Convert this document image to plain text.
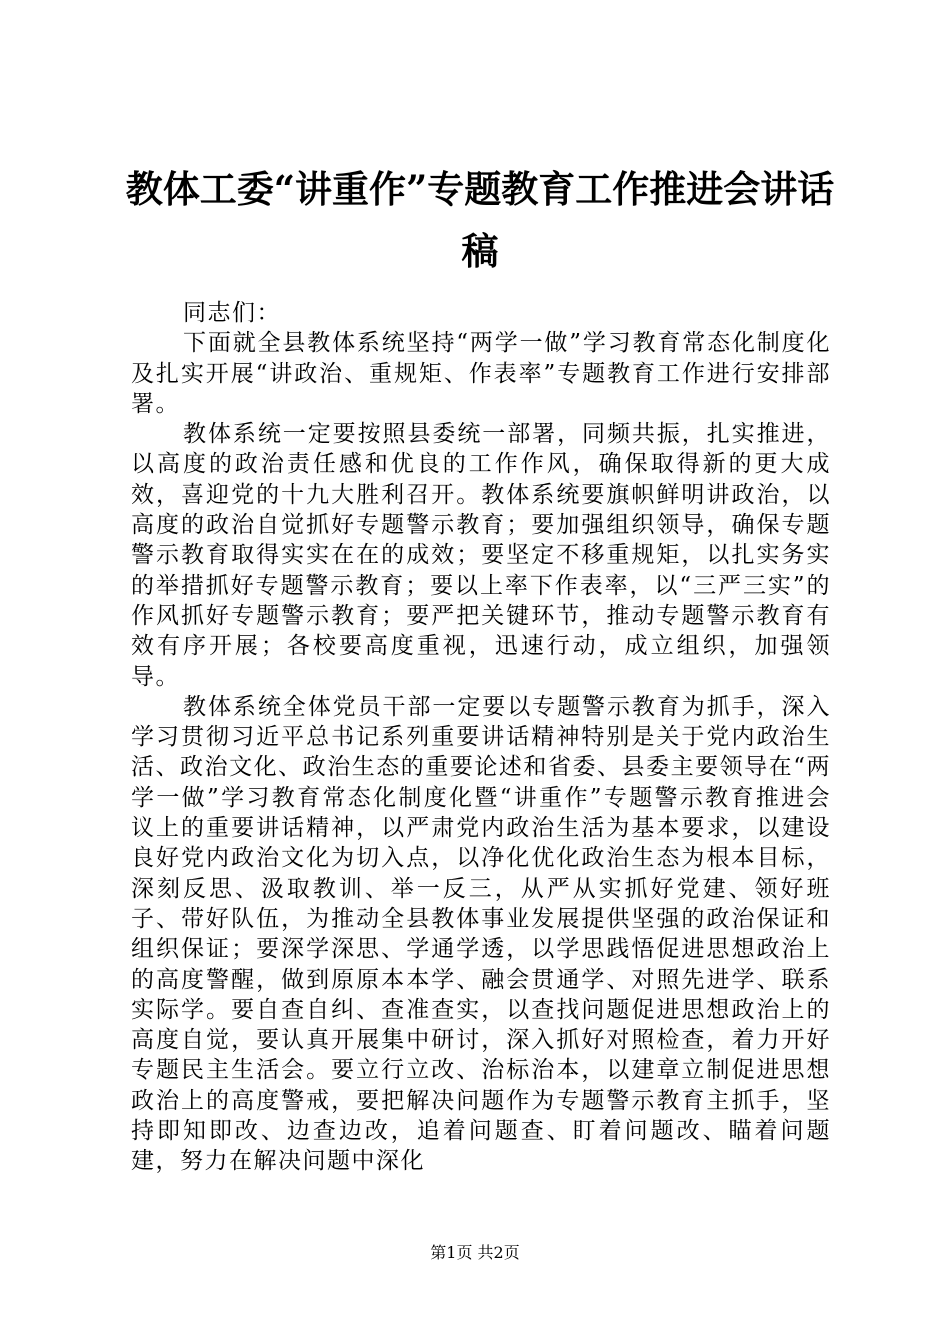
教体工委“讲重作”专题教育工作推进会讲话稿

同志们：

下面就全县教体系统坚持“两学一做”学习教育常态化制度化及扎实开展“讲政治、重规矩、作表率”专题教育工作进行安排部署。

教体系统一定要按照县委统一部署，同频共振，扎实推进，以高度的政治责任感和优良的工作作风，确保取得新的更大成效，喜迎党的十九大胜利召开。教体系统要旗帜鲜明讲政治，以高度的政治自觉抓好专题警示教育；要加强组织领导，确保专题警示教育取得实实在在的成效；要坚定不移重规矩，以扎实务实的举措抓好专题警示教育；要以上率下作表率，以“三严三实”的作风抓好专题警示教育；要严把关键环节，推动专题警示教育有效有序开展；各校要高度重视，迅速行动，成立组织，加强领导。

教体系统全体党员干部一定要以专题警示教育为抓手，深入学习贯彻习近平总书记系列重要讲话精神特别是关于党内政治生活、政治文化、政治生态的重要论述和省委、县委主要领导在“两学一做”学习教育常态化制度化暨“讲重作”专题警示教育推进会议上的重要讲话精神，以严肃党内政治生活为基本要求，以建设良好党内政治文化为切入点，以净化优化政治生态为根本目标，深刻反思、汲取教训、举一反三，从严从实抓好党建、领好班子、带好队伍，为推动全县教体事业发展提供坚强的政治保证和组织保证；要深学深思、学通学透，以学思践悟促进思想政治上的高度警醒，做到原原本本学、融会贯通学、对照先进学、联系实际学。要自查自纠、查准查实，以查找问题促进思想政治上的高度自觉，要认真开展集中研讨，深入抓好对照检查，着力开好专题民主生活会。要立行立改、治标治本，以建章立制促进思想政治上的高度警戒，要把解决问题作为专题警示教育主抓手，坚持即知即改、边查边改，追着问题查、盯着问题改、瞄着问题建，努力在解决问题中深化

第1页 共2页
